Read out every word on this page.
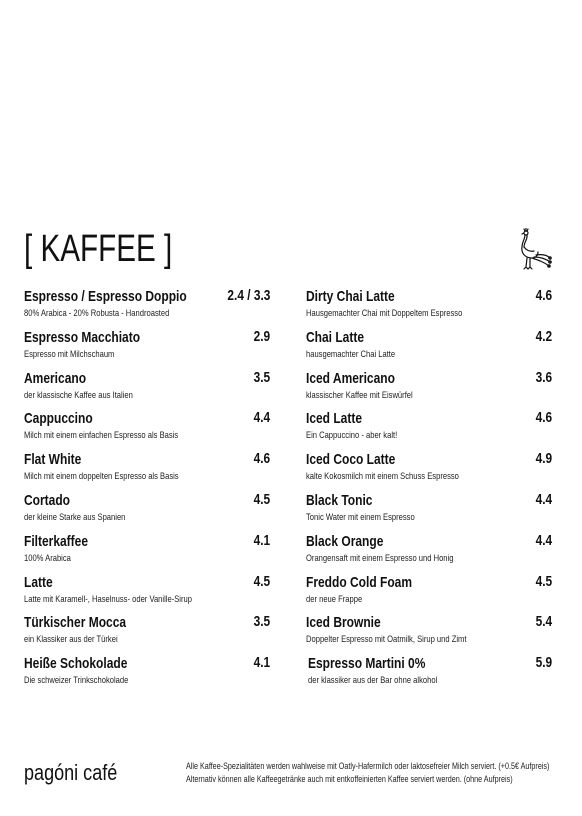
[ KAFFEE ]
Espresso / Espresso Doppio	2.4 / 3.3
80% Arabica - 20% Robusta - Handroasted
Espresso Macchiato	2.9
Espresso mit Milchschaum
Americano	3.5
der klassische Kaffee aus Italien
Cappuccino	4.4
Milch mit einem einfachen Espresso als Basis
Flat White	4.6
Milch mit einem doppelten Espresso als Basis
Cortado	4.5
der kleine Starke aus Spanien
Filterkaffee	4.1
100% Arabica
Latte	4.5
Latte mit Karamell-, Haselnuss- oder Vanille-Sirup
Türkischer Mocca	3.5
ein Klassiker aus der Türkei
Heiße Schokolade	4.1
Die schweizer Trinkschokolade
Dirty Chai Latte	4.6
Hausgemachter Chai mit Doppeltem Espresso
Chai Latte	4.2
hausgemachter Chai Latte
Iced Americano	3.6
klassischer Kaffee mit Eiswürfel
Iced Latte	4.6
Ein Cappuccino - aber kalt!
Iced Coco Latte	4.9
kalte Kokosmilch mit einem Schuss Espresso
Black Tonic	4.4
Tonic Water mit einem Espresso
Black Orange	4.4
Orangensaft mit einem Espresso und Honig
Freddo Cold Foam	4.5
der neue Frappe
Iced Brownie	5.4
Doppelter Espresso mit Oatmilk, Sirup und Zimt
Espresso Martini 0%	5.9
der klassiker aus der Bar ohne alkohol
pagóni café	Alle Kaffee-Spezialitäten werden wahlweise mit Oatly-Hafermilch oder laktosefreier Milch serviert. (+0.5€ Aufpreis)
Alternativ können alle Kaffeegetränke auch mit entkoffeinierten Kaffee serviert werden. (ohne Aufpreis)
